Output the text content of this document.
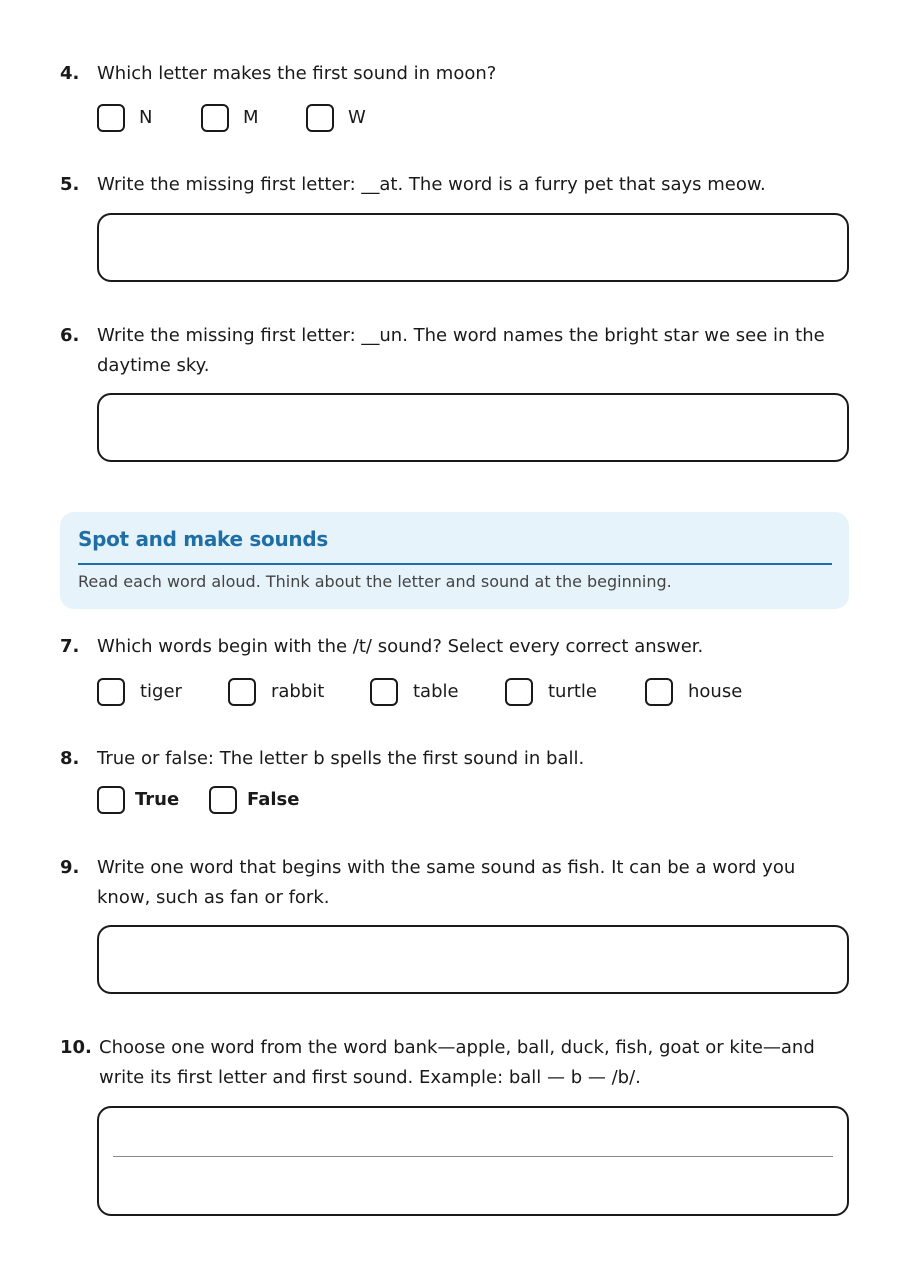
4. Which letter makes the first sound in moon?
N	M	W
5. Write the missing first letter: __at. The word is a furry pet that says meow.
6. Write the missing first letter: __un. The word names the bright star we see in the daytime sky.
Spot and make sounds
Read each word aloud. Think about the letter and sound at the beginning.
7. Which words begin with the /t/ sound? Select every correct answer.
tiger	rabbit	table	turtle	house
8. True or false: The letter b spells the first sound in ball.
True	False
9. Write one word that begins with the same sound as fish. It can be a word you know, such as fan or fork.
10. Choose one word from the word bank—apple, ball, duck, fish, goat or kite—and write its first letter and first sound. Example: ball — b — /b/.
